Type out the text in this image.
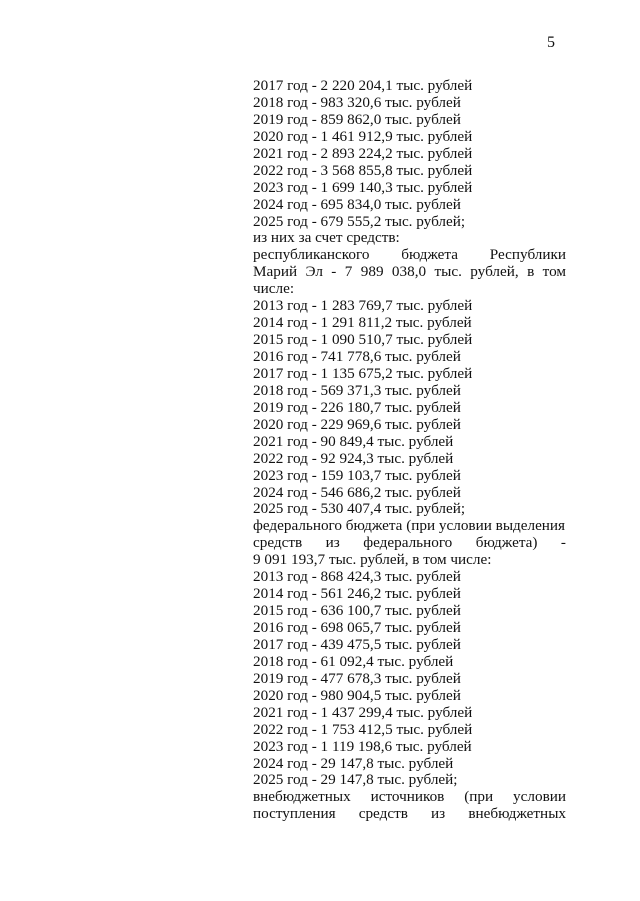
5
2017 год - 2 220 204,1 тыс. рублей
2018 год - 983 320,6 тыс. рублей
2019 год - 859 862,0 тыс. рублей
2020 год - 1 461 912,9 тыс. рублей
2021 год - 2 893 224,2 тыс. рублей
2022 год - 3 568 855,8 тыс. рублей
2023 год - 1 699 140,3 тыс. рублей
2024 год - 695 834,0 тыс. рублей
2025 год - 679 555,2 тыс. рублей;
из них за счет средств:
республиканского бюджета Республики
Марий Эл - 7 989 038,0 тыс. рублей, в том
числе:
2013 год - 1 283 769,7 тыс. рублей
2014 год - 1 291 811,2 тыс. рублей
2015 год - 1 090 510,7 тыс. рублей
2016 год - 741 778,6 тыс. рублей
2017 год - 1 135 675,2 тыс. рублей
2018 год - 569 371,3 тыс. рублей
2019 год - 226 180,7 тыс. рублей
2020 год - 229 969,6 тыс. рублей
2021 год - 90 849,4 тыс. рублей
2022 год - 92 924,3 тыс. рублей
2023 год - 159 103,7 тыс. рублей
2024 год - 546 686,2 тыс. рублей
2025 год - 530 407,4 тыс. рублей;
федерального бюджета (при условии выделения
средств из федерального бюджета) -
9 091 193,7 тыс. рублей, в том числе:
2013 год - 868 424,3 тыс. рублей
2014 год - 561 246,2 тыс. рублей
2015 год - 636 100,7 тыс. рублей
2016 год - 698 065,7 тыс. рублей
2017 год - 439 475,5 тыс. рублей
2018 год - 61 092,4 тыс. рублей
2019 год - 477 678,3 тыс. рублей
2020 год - 980 904,5 тыс. рублей
2021 год - 1 437 299,4 тыс. рублей
2022 год - 1 753 412,5 тыс. рублей
2023 год - 1 119 198,6 тыс. рублей
2024 год - 29 147,8 тыс. рублей
2025 год - 29 147,8 тыс. рублей;
внебюджетных источников (при условии
поступления средств из внебюджетных
